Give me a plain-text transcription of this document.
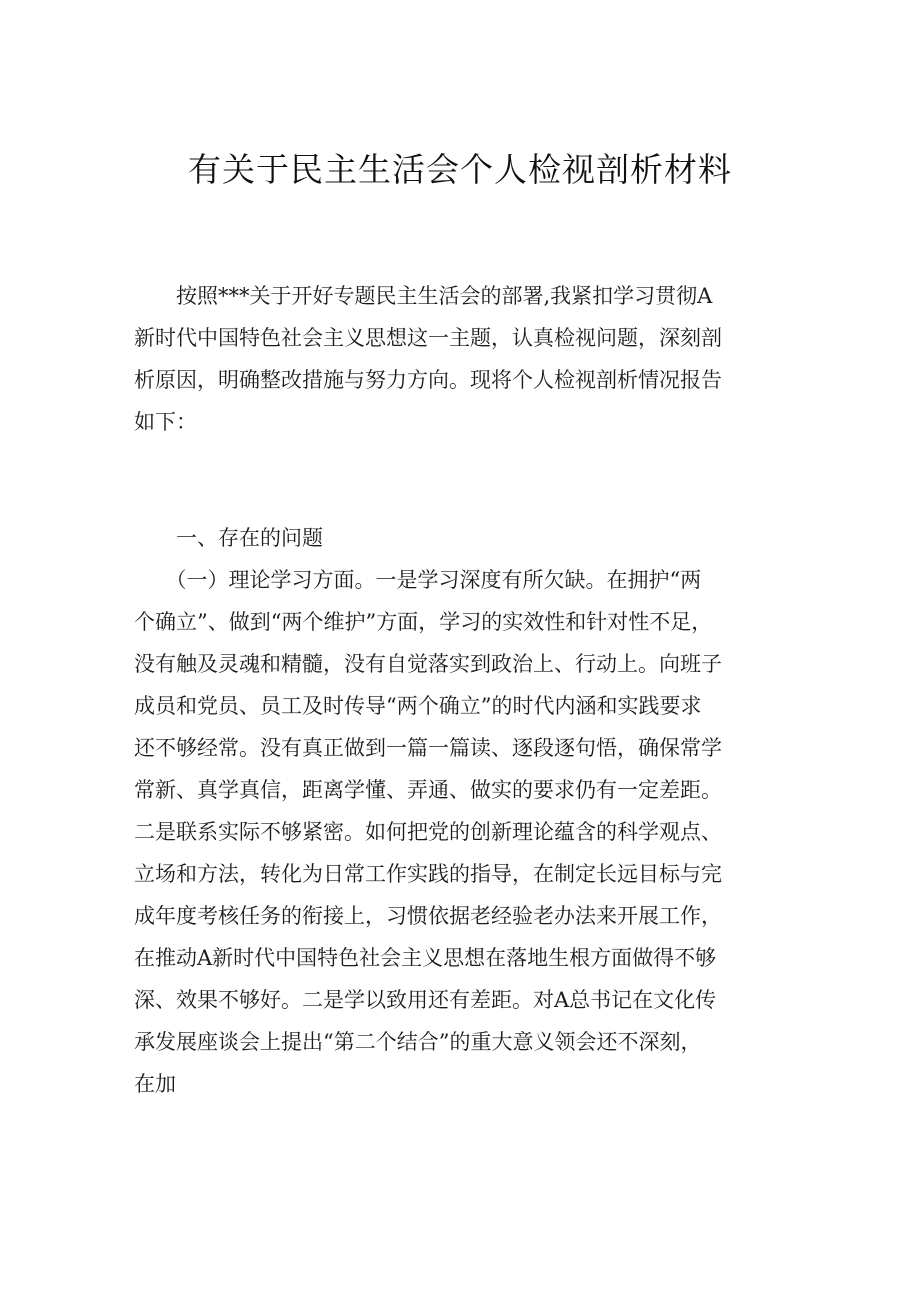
有关于民主生活会个人检视剖析材料
　　按照***关于开好专题民主生活会的部署,我紧扣学习贯彻A
新时代中国特色社会主义思想这一主题，认真检视问题，深刻剖
析原因，明确整改措施与努力方向。现将个人检视剖析情况报告
如下：
　　一、存在的问题
　　（一）理论学习方面。一是学习深度有所欠缺。在拥护“两
个确立”、做到“两个维护”方面，学习的实效性和针对性不足，
没有触及灵魂和精髓，没有自觉落实到政治上、行动上。向班子
成员和党员、员工及时传导“两个确立”的时代内涵和实践要求
还不够经常。没有真正做到一篇一篇读、逐段逐句悟，确保常学
常新、真学真信，距离学懂、弄通、做实的要求仍有一定差距。
二是联系实际不够紧密。如何把党的创新理论蕴含的科学观点、
立场和方法，转化为日常工作实践的指导，在制定长远目标与完
成年度考核任务的衔接上，习惯依据老经验老办法来开展工作，
在推动A新时代中国特色社会主义思想在落地生根方面做得不够
深、效果不够好。二是学以致用还有差距。对A总书记在文化传
承发展座谈会上提出“第二个结合”的重大意义领会还不深刻，
在加
